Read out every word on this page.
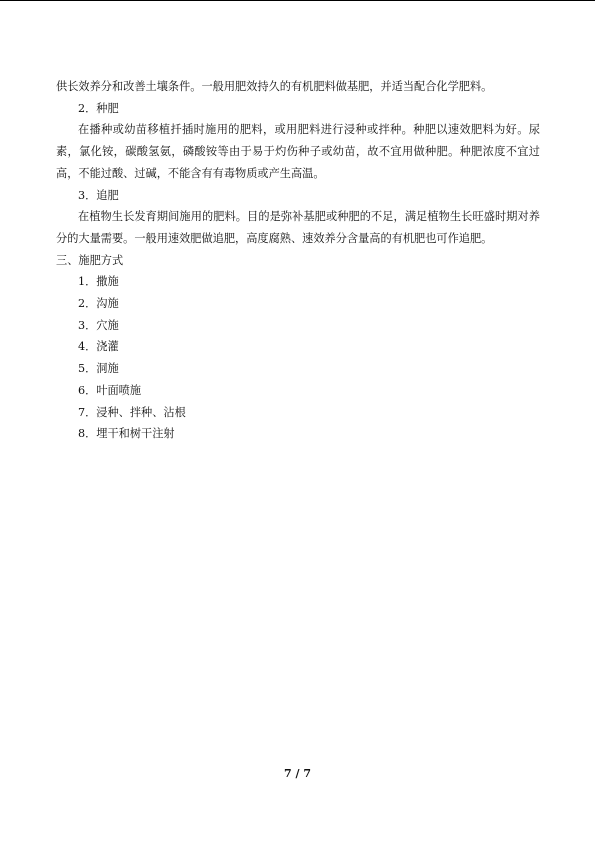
供长效养分和改善土壤条件。一般用肥效持久的有机肥料做基肥，并适当配合化学肥料。

2．种肥

在播种或幼苗移植扦插时施用的肥料，或用肥料进行浸种或拌种。种肥以速效肥料为好。尿素，氯化铵，碳酸氢氨，磷酸铵等由于易于灼伤种子或幼苗，故不宜用做种肥。种肥浓度不宜过高，不能过酸、过碱，不能含有有毒物质或产生高温。

3．追肥

在植物生长发育期间施用的肥料。目的是弥补基肥或种肥的不足，满足植物生长旺盛时期对养分的大量需要。一般用速效肥做追肥，高度腐熟、速效养分含量高的有机肥也可作追肥。

三、施肥方式

1．撒施

2．沟施

3．穴施

4．浇灌

5．洞施

6．叶面喷施

7．浸种、拌种、沾根

8．埋干和树干注射

7 / 7
